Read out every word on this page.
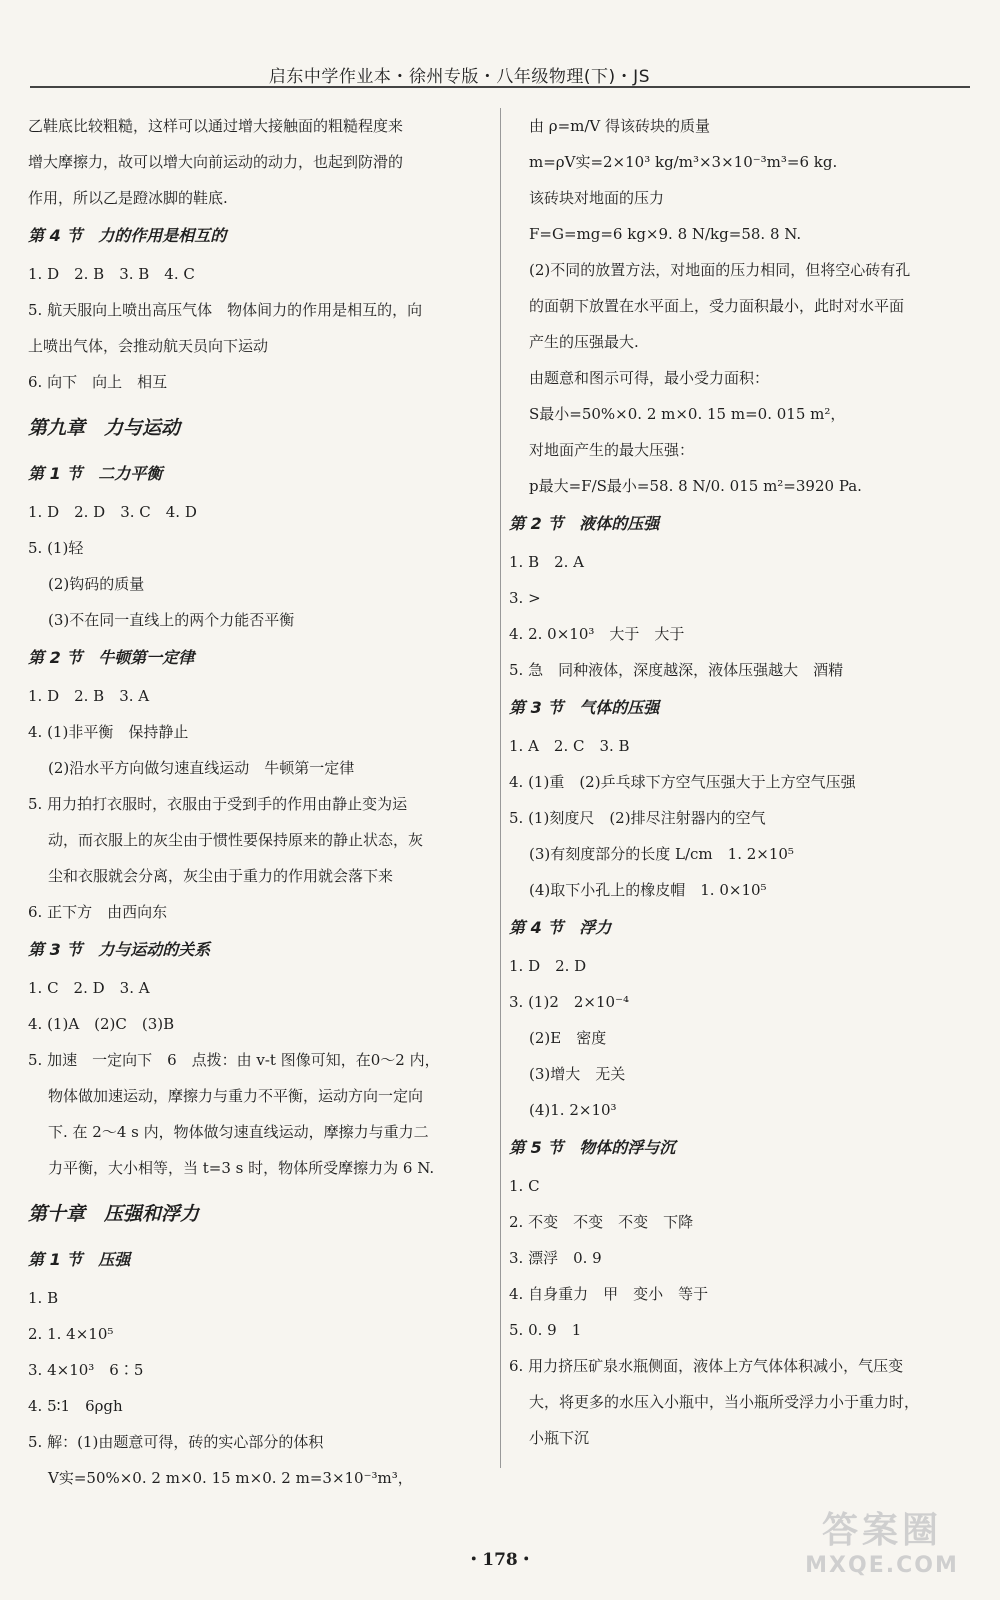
启东中学作业本・徐州专版・八年级物理(下)・JS
乙鞋底比较粗糙，这样可以通过增大接触面的粗糙程度来
增大摩擦力，故可以增大向前运动的动力，也起到防滑的
作用，所以乙是蹬冰脚的鞋底.
第 4 节　力的作用是相互的
1. D　2. B　3. B　4. C
5. 航天服向上喷出高压气体　物体间力的作用是相互的，向
上喷出气体，会推动航天员向下运动
6. 向下　向上　相互
第九章　力与运动
第 1 节　二力平衡
1. D　2. D　3. C　4. D
5. (1)轻
(2)钩码的质量
(3)不在同一直线上的两个力能否平衡
第 2 节　牛顿第一定律
1. D　2. B　3. A
4. (1)非平衡　保持静止
(2)沿水平方向做匀速直线运动　牛顿第一定律
5. 用力拍打衣服时，衣服由于受到手的作用由静止变为运
动，而衣服上的灰尘由于惯性要保持原来的静止状态，灰
尘和衣服就会分离，灰尘由于重力的作用就会落下来
6. 正下方　由西向东
第 3 节　力与运动的关系
1. C　2. D　3. A
4. (1)A　(2)C　(3)B
5. 加速　一定向下　6　点拨：由 v-t 图像可知，在0～2 内，
物体做加速运动，摩擦力与重力不平衡，运动方向一定向
下. 在 2～4 s 内，物体做匀速直线运动，摩擦力与重力二
力平衡，大小相等，当 t=3 s 时，物体所受摩擦力为 6 N.
第十章　压强和浮力
第 1 节　压强
1. B
2. 1. 4×10⁵
3. 4×10³　6∶5
4. 5∶1　6ρgh
5. 解：(1)由题意可得，砖的实心部分的体积
V实=50%×0. 2 m×0. 15 m×0. 2 m=3×10⁻³m³，
由 ρ=m/V 得该砖块的质量
m=ρV实=2×10³ kg/m³×3×10⁻³m³=6 kg.
该砖块对地面的压力
F=G=mg=6 kg×9. 8 N/kg=58. 8 N.
(2)不同的放置方法，对地面的压力相同，但将空心砖有孔
的面朝下放置在水平面上，受力面积最小，此时对水平面
产生的压强最大.
由题意和图示可得，最小受力面积：
S最小=50%×0. 2 m×0. 15 m=0. 015 m²，
对地面产生的最大压强：
p最大=F/S最小=58. 8 N/0. 015 m²=3920 Pa.
第 2 节　液体的压强
1. B　2. A
3. >
4. 2. 0×10³　大于　大于
5. 急　同种液体，深度越深，液体压强越大　酒精
第 3 节　气体的压强
1. A　2. C　3. B
4. (1)重　(2)乒乓球下方空气压强大于上方空气压强
5. (1)刻度尺　(2)排尽注射器内的空气
(3)有刻度部分的长度 L/cm　1. 2×10⁵
(4)取下小孔上的橡皮帽　1. 0×10⁵
第 4 节　浮力
1. D　2. D
3. (1)2　2×10⁻⁴
(2)E　密度
(3)增大　无关
(4)1. 2×10³
第 5 节　物体的浮与沉
1. C
2. 不变　不变　不变　下降
3. 漂浮　0. 9
4. 自身重力　甲　变小　等于
5. 0. 9　1
6. 用力挤压矿泉水瓶侧面，液体上方气体体积减小，气压变
大，将更多的水压入小瓶中，当小瓶所受浮力小于重力时，
小瓶下沉
・178・
答案圈
MXQE.COM
